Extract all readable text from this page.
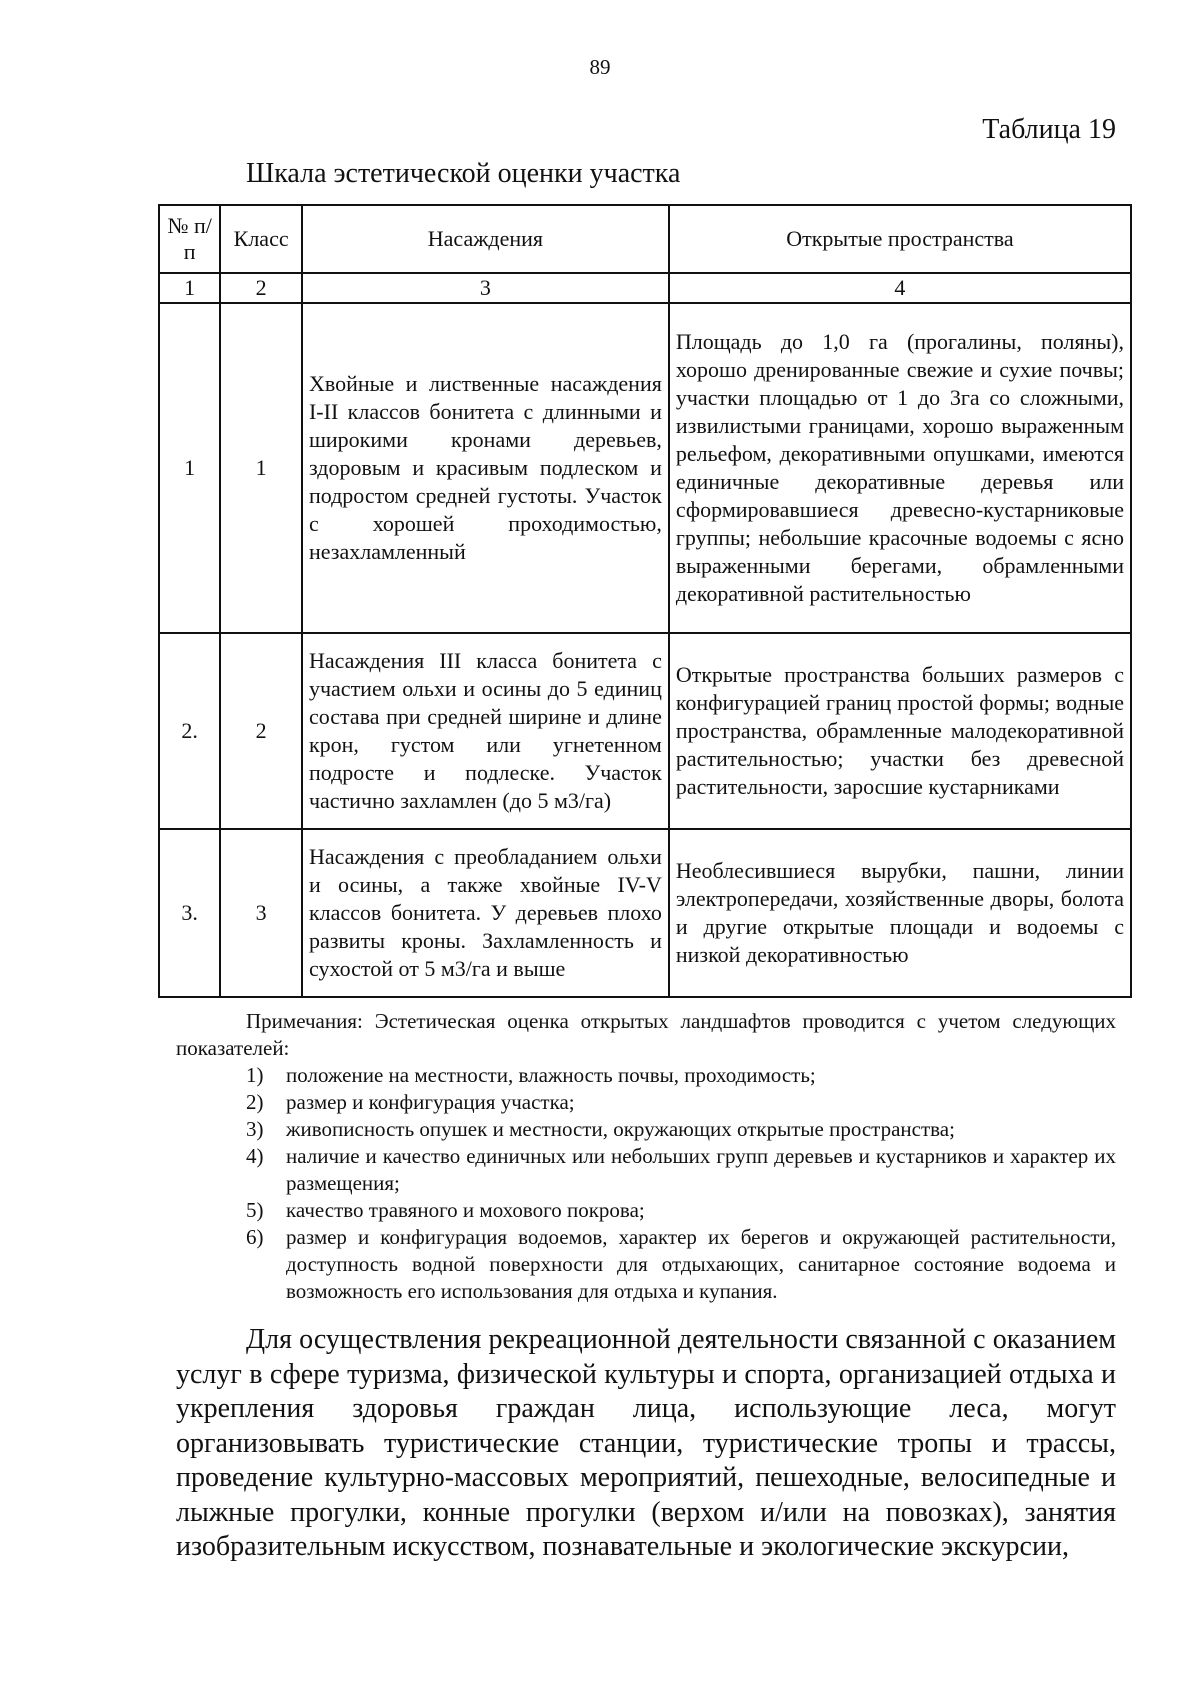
89
Таблица 19
Шкала эстетической оценки участка
№ п/п	Класс	Насаждения	Открытые пространства
1	2	3	4
1	1	Хвойные и лиственные насаждения I-II классов бонитета с длинными и широкими кронами деревьев, здоровым и красивым подлеском и подростом средней густоты. Участок с хорошей проходимостью, незахламленный	Площадь до 1,0 га (прогалины, поляны), хорошо дренированные свежие и сухие почвы; участки площадью от 1 до 3га со сложными, извилистыми границами, хорошо выраженным рельефом, декоративными опушками, имеются единичные декоративные деревья или сформировавшиеся древесно-кустарниковые группы; небольшие красочные водоемы с ясно выраженными берегами, обрамленными декоративной растительностью
2.	2	Насаждения III класса бонитета с участием ольхи и осины до 5 единиц состава при средней ширине и длине крон, густом или угнетенном подросте и подлеске. Участок частично захламлен (до 5 м3/га)	Открытые пространства больших размеров с конфигурацией границ простой формы; водные пространства, обрамленные малодекоративной растительностью; участки без древесной растительности, заросшие кустарниками
3.	3	Насаждения с преобладанием ольхи и осины, а также хвойные IV-V классов бонитета. У деревьев плохо развиты кроны. Захламленность и сухостой от 5 м3/га и выше	Необлесившиеся вырубки, пашни, линии электропередачи, хозяйственные дворы, болота и другие открытые площади и водоемы с низкой декоративностью

Примечания: Эстетическая оценка открытых ландшафтов проводится с учетом следующих показателей:

1) положение на местности, влажность почвы, проходимость;
2) размер и конфигурация участка;
3) живописность опушек и местности, окружающих открытые пространства;
4) наличие и качество единичных или небольших групп деревьев и кустарников и характер их размещения;
5) качество травяного и мохового покрова;
6) размер и конфигурация водоемов, характер их берегов и окружающей растительности, доступность водной поверхности для отдыхающих, санитарное состояние водоема и возможность его использования для отдыха и купания.

Для осуществления рекреационной деятельности связанной с оказанием услуг в сфере туризма, физической культуры и спорта, организацией отдыха и укрепления здоровья граждан лица, использующие леса, могут организовывать туристические станции, туристические тропы и трассы, проведение культурно-массовых мероприятий, пешеходные, велосипедные и лыжные прогулки, конные прогулки (верхом и/или на повозках), занятия изобразительным искусством, познавательные и экологические экскурсии,
